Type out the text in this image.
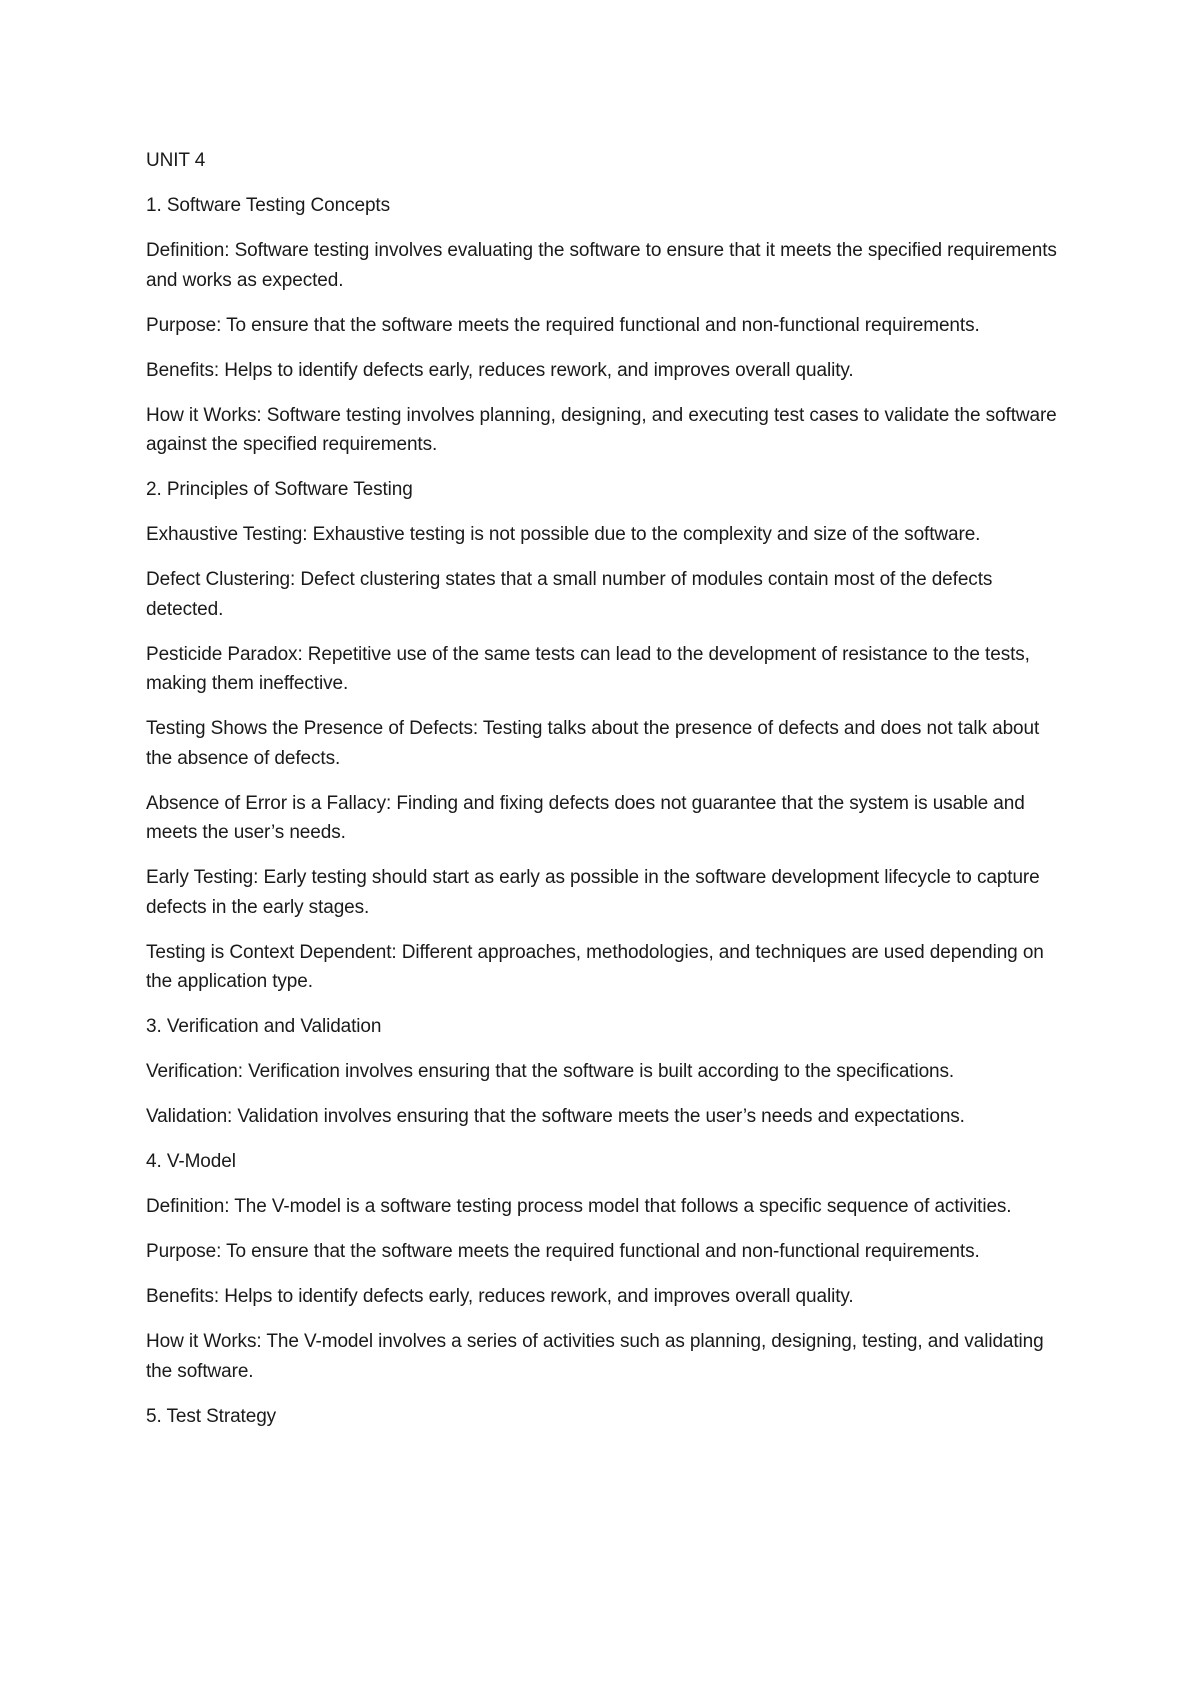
UNIT 4

1. Software Testing Concepts

Definition: Software testing involves evaluating the software to ensure that it meets the specified requirements and works as expected.

Purpose: To ensure that the software meets the required functional and non-functional requirements.

Benefits: Helps to identify defects early, reduces rework, and improves overall quality.

How it Works: Software testing involves planning, designing, and executing test cases to validate the software against the specified requirements.

2. Principles of Software Testing

Exhaustive Testing: Exhaustive testing is not possible due to the complexity and size of the software.

Defect Clustering: Defect clustering states that a small number of modules contain most of the defects detected.

Pesticide Paradox: Repetitive use of the same tests can lead to the development of resistance to the tests, making them ineffective.

Testing Shows the Presence of Defects: Testing talks about the presence of defects and does not talk about the absence of defects.

Absence of Error is a Fallacy: Finding and fixing defects does not guarantee that the system is usable and meets the user’s needs.

Early Testing: Early testing should start as early as possible in the software development lifecycle to capture defects in the early stages.

Testing is Context Dependent: Different approaches, methodologies, and techniques are used depending on the application type.

3. Verification and Validation

Verification: Verification involves ensuring that the software is built according to the specifications.

Validation: Validation involves ensuring that the software meets the user’s needs and expectations.

4. V-Model

Definition: The V-model is a software testing process model that follows a specific sequence of activities.

Purpose: To ensure that the software meets the required functional and non-functional requirements.

Benefits: Helps to identify defects early, reduces rework, and improves overall quality.

How it Works: The V-model involves a series of activities such as planning, designing, testing, and validating the software.

5. Test Strategy
